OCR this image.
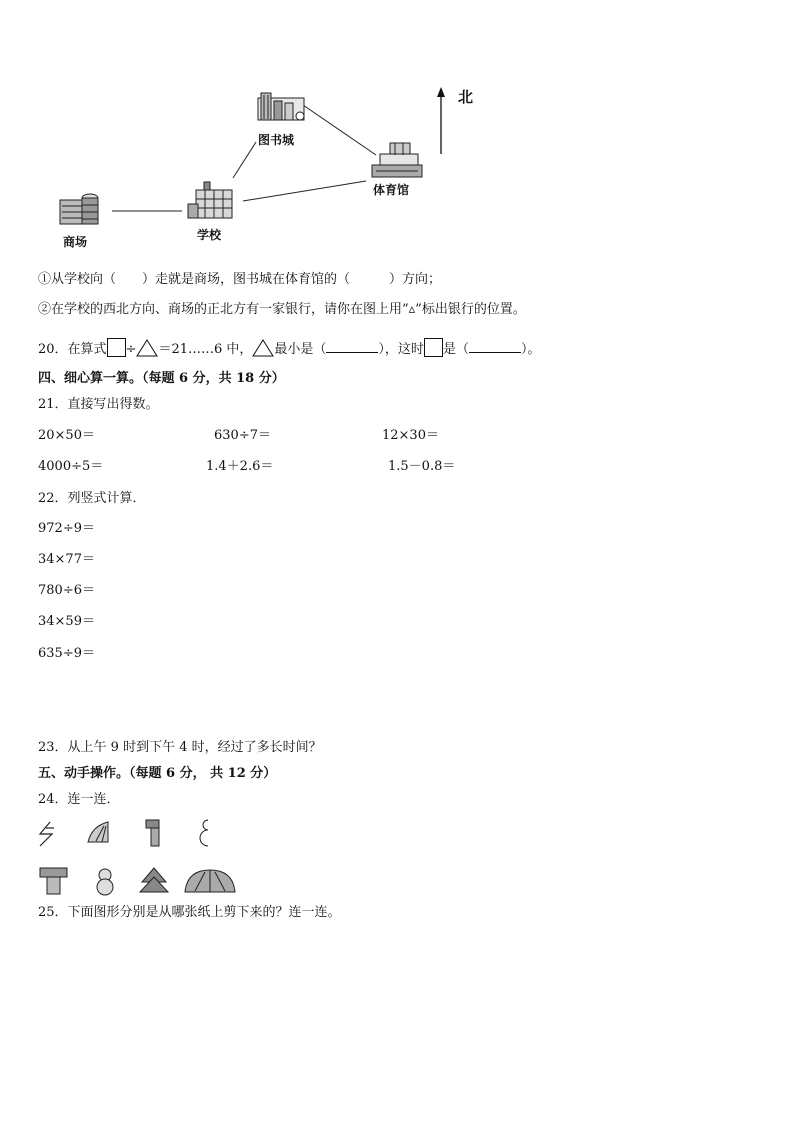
图书城
体育馆
商场	学校
北
①从学校向（　　）走就是商场，图书城在体育馆的（　　　）方向；
②在学校的西北方向、商场的正北方有一家银行，请你在图上用“▵”标出银行的位置。
20．在算式 ÷ ＝21……6 中， 最小是（	），这时 是（	）。
四、细心算一算。（每题 6 分，共 18 分）
21．直接写出得数。
20×50＝	630÷7＝	12×30＝
4000÷5＝	1.4＋2.6＝	1.5－0.8＝
22．列竖式计算．
972÷9＝
34×77＝
780÷6＝
34×59＝
635÷9＝
23．从上午 9 时到下午 4 时，经过了多长时间？
五、动手操作。（每题 6 分， 共 12 分）
24．连一连．
25．下面图形分别是从哪张纸上剪下来的？连一连。
